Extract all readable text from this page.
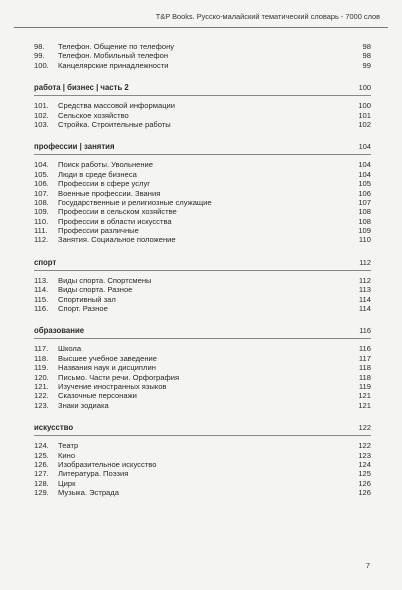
T&P Books. Русско-малайский тематический словарь - 7000 слов
98.	Телефон. Общение по телефону	98
99.	Телефон. Мобильный телефон	98
100.	Канцелярские принадлежности	99
работа | бизнес | часть 2	100
101.	Средства массовой информации	100
102.	Сельское хозяйство	101
103.	Стройка. Строительные работы	102
профессии | занятия	104
104.	Поиск работы. Увольнение	104
105.	Люди в среде бизнеса	104
106.	Профессии в сфере услуг	105
107.	Военные профессии. Звания	106
108.	Государственные и религиозные служащие	107
109.	Профессии в сельском хозяйстве	108
110.	Профессии в области искусства	108
111.	Профессии различные	109
112.	Занятия. Социальное положение	110
спорт	112
113.	Виды спорта. Спортсмены	112
114.	Виды спорта. Разное	113
115.	Спортивный зал	114
116.	Спорт. Разное	114
образование	116
117.	Школа	116
118.	Высшее учебное заведение	117
119.	Названия наук и дисциплин	118
120.	Письмо. Части речи. Орфография	118
121.	Изучение иностранных языков	119
122.	Сказочные персонажи	121
123.	Знаки зодиака	121
искусство	122
124.	Театр	122
125.	Кино	123
126.	Изобразительное искусство	124
127.	Литература. Поэзия	125
128.	Цирк	126
129.	Музыка. Эстрада	126
7
